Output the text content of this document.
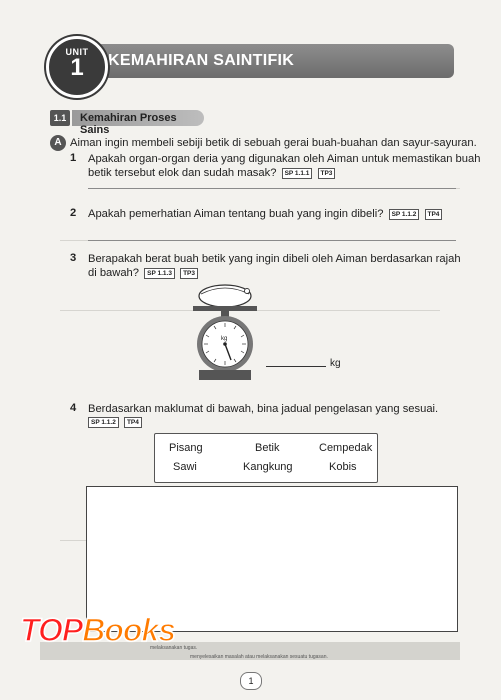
KEMAHIRAN SAINTIFIK
UNIT
1
1.1	Kemahiran Proses Sains
A Aiman ingin membeli sebiji betik di sebuah gerai buah-buahan dan sayur-sayuran.
1 Apakah organ-organ deria yang digunakan oleh Aiman untuk memastikan buah
betik tersebut elok dan sudah masak? SP 1.1.1 TP3
2 Apakah pemerhatian Aiman tentang buah yang ingin dibeli? SP 1.1.2 TP4
3 Berapakah berat buah betik yang ingin dibeli oleh Aiman berdasarkan rajah
di bawah? SP 1.1.3 TP3
kg
kg
4 Berdasarkan maklumat di bawah, bina jadual pengelasan yang sesuai.
SP 1.1.2 TP4
Pisang	Betik	Cempedak
Sawi	Kangkung	Kobis
melaksanakan tugas.
menyelesaikan masalah atau melaksanakan sesuatu tugasan.
1
TOPBooks
